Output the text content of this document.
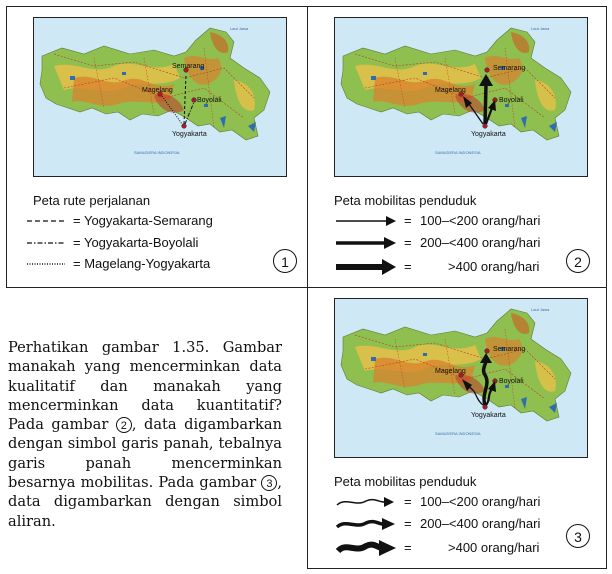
Semarang
Magelang
Boyolali
Yogyakarta
Peta rute perjalanan
= Yogyakarta-Semarang
= Yogyakarta-Boyolali
= Magelang-Yogyakarta	1
Semarang
Magelang
Boyolali
Yogyakarta
Peta mobilitas penduduk
= 100–<200 orang/hari
= 200–<400 orang/hari
=	>400 orang/hari	2
Semarang
Magelang
Boyolali
Yogyakarta
Peta mobilitas penduduk
= 100–<200 orang/hari
= 200–<400 orang/hari
=	>400 orang/hari
3
Perhatikan gambar 1.35. Gambar manakah yang mencerminkan data kualitatif dan manakah yang mencerminkan data kuantitatif? Pada gambar 2 , data digambarkan dengan simbol garis panah, tebalnya garis panah mencerminkan besarnya mobilitas. Pada gambar 3 , data digambarkan dengan simbol aliran.
